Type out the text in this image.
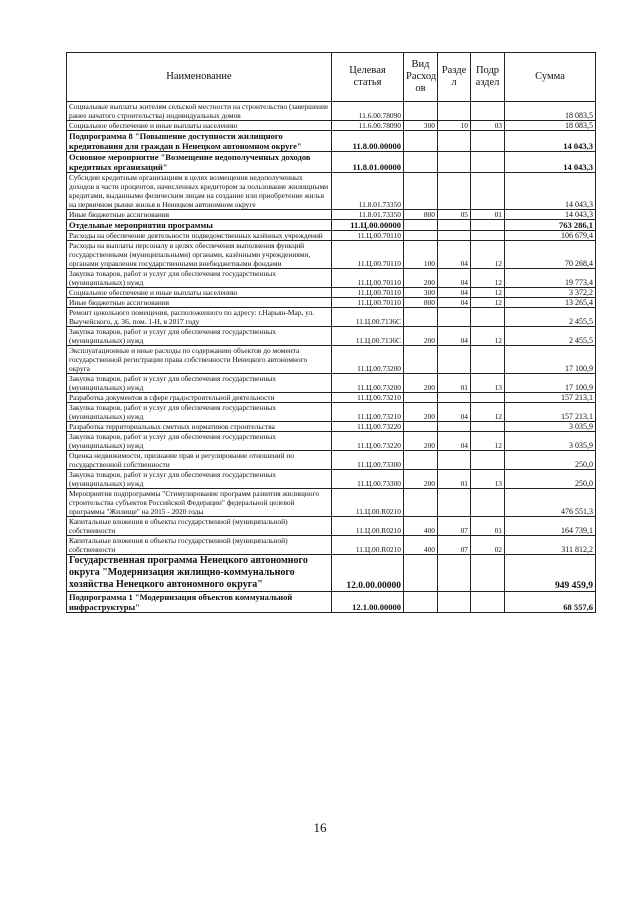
Наименование	Целевая статья	Вид Расход ов	Разде л	Подр аздел	Сумма
Социальные выплаты жителям сельской местности на строительство (завершение ранее начатого строительства) индивидуальных домов	11.6.00.78090				18 083,5
Социальное обеспечение и иные выплаты населению	11.6.00.78090	300	10	03	18 083,5
Подпрограмма 8 "Повышение доступности жилищного кредитования для граждан в Ненецком автономном округе"	11.8.00.00000				14 043,3
Основное мероприятие "Возмещение недополученных доходов кредитных организаций"	11.8.01.00000				14 043,3
Субсидии кредитным организациям в целях возмещения недополученных доходов в части процентов, начисленных кредитором за пользование жилищными кредитами, выданными физическим лицам на создание или приобретение жилья на первичном рынке жилья в Ненецком автономном округе	11.8.01.73350				14 043,3
Иные бюджетные ассигнования	11.8.01.73350	800	05	01	14 043,3
Отдельные мероприятия программы	11.Ц.00.00000				763 286,1
Расходы на обеспечение деятельности подведомственных казённых учреждений	11.Ц.00.70110				106 679,4
Расходы на выплаты персоналу в целях обеспечения выполнения функций государственными (муниципальными) органами, казёнными учреждениями, органами управления государственными внебюджетными фондами	11.Ц.00.70110	100	04	12	70 268,4
Закупка товаров, работ и услуг для обеспечения государственных (муниципальных) нужд	11.Ц.00.70110	200	04	12	19 773,4
Социальное обеспечение и иные выплаты населению	11.Ц.00.70110	300	04	12	3 372,2
Иные бюджетные ассигнования	11.Ц.00.70110	800	04	12	13 265,4
Ремонт цокольного помещения, расположенного по адресу: г.Нарьян-Мар, ул. Выучейского, д. 36, пом. 1-Н, в 2017 году	11.Ц.00.7136С				2 455,5
Закупка товаров, работ и услуг для обеспечения государственных (муниципальных) нужд	11.Ц.00.7136С	200	04	12	2 455,5
Эксплуатационные и иные расходы по содержанию объектов до момента государственной регистрации права собственности Ненецкого автономного округа	11.Ц.00.73200				17 100,9
Закупка товаров, работ и услуг для обеспечения государственных (муниципальных) нужд	11.Ц.00.73200	200	01	13	17 100,9
Разработка документов в сфере градостроительной деятельности	11.Ц.00.73210				157 213,1
Закупка товаров, работ и услуг для обеспечения государственных (муниципальных) нужд	11.Ц.00.73210	200	04	12	157 213,1
Разработка территориальных сметных нормативов строительства	11.Ц.00.73220				3 035,9
Закупка товаров, работ и услуг для обеспечения государственных (муниципальных) нужд	11.Ц.00.73220	200	04	12	3 035,9
Оценка недвижимости, признание прав и регулирование отношений по государственной собственности	11.Ц.00.73300				250,0
Закупка товаров, работ и услуг для обеспечения государственных (муниципальных) нужд	11.Ц.00.73300	200	01	13	250,0
Мероприятия подпрограммы "Стимулирование программ развития жилищного строительства субъектов Российской Федерации" федеральной целевой программы "Жилище" на 2015 - 2020 годы	11.Ц.00.R0210				476 551,3
Капитальные вложения в объекты государственной (муниципальной) собственности	11.Ц.00.R0210	400	07	01	164 739,1
Капитальные вложения в объекты государственной (муниципальной) собственности	11.Ц.00.R0210	400	07	02	311 812,2
Государственная программа Ненецкого автономного округа "Модернизация жилищно-коммунального хозяйства Ненецкого автономного округа"	12.0.00.00000				949 459,9
Подпрограмма 1 "Модернизация объектов коммунальной инфраструктуры"	12.1.00.00000				68 557,6
16
